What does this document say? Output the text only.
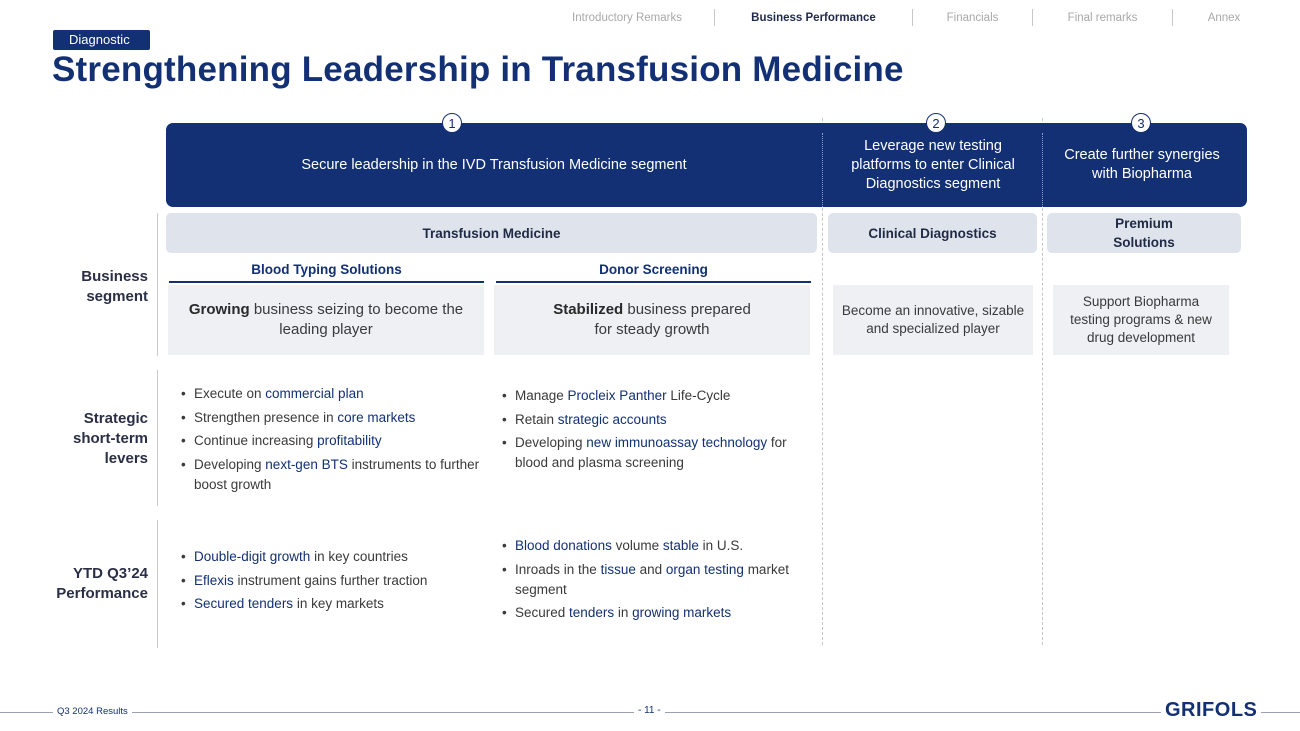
Introductory Remarks	Business Performance	Financials	Final remarks	Annex
Diagnostic
Strengthening Leadership in Transfusion Medicine
Secure leadership in the IVD Transfusion Medicine segment
Leverage new testing platforms to enter Clinical Diagnostics segment
Create further synergies with Biopharma
1	2	3
Transfusion Medicine	Clinical Diagnostics
Premium Solutions
Blood Typing Solutions	Donor Screening
Business segment
Strategic short-term levers
YTD Q3’24 Performance
Growing business seizing to become the leading player
Stabilized business prepared for steady growth
Become an innovative, sizable and specialized player
Support Biopharma testing programs & new drug development
• Execute on commercial plan
• Strengthen presence in core markets
• Continue increasing profitability
• Developing next-gen BTS instruments to further boost growth
• Manage Procleix Panther Life-Cycle
• Retain strategic accounts
• Developing new immunoassay technology for blood and plasma screening
• Double-digit growth in key countries
• Eflexis instrument gains further traction
• Secured tenders in key markets
• Blood donations volume stable in U.S.
• Inroads in the tissue and organ testing market segment
• Secured tenders in growing markets
Q3 2024 Results	- 11 -	GRIFOLS
